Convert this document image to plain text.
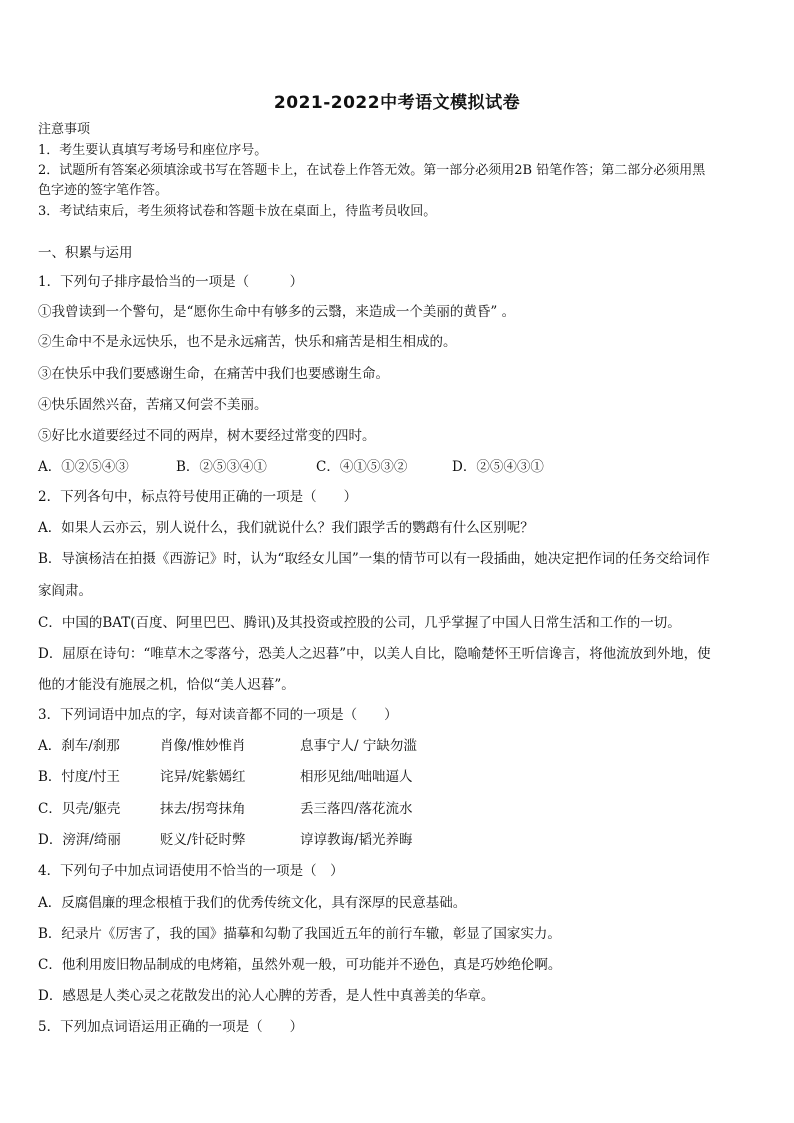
2021-2022中考语文模拟试卷
注意事项
1．考生要认真填写考场号和座位序号。
2．试题所有答案必须填涂或书写在答题卡上，在试卷上作答无效。第一部分必须用2B 铅笔作答；第二部分必须用黑
色字迹的签字笔作答。
3．考试结束后，考生须将试卷和答题卡放在桌面上，待监考员收回。
一、积累与运用
1．下列句子排序最恰当的一项是（　　　）
①我曾读到一个警句，是“愿你生命中有够多的云翳，来造成一个美丽的黄昏” 。
②生命中不是永远快乐，也不是永远痛苦，快乐和痛苦是相生相成的。
③在快乐中我们要感谢生命，在痛苦中我们也要感谢生命。
④快乐固然兴奋，苦痛又何尝不美丽。
⑤好比水道要经过不同的两岸，树木要经过常变的四时。
A．①②⑤④③	B．②⑤③④①	C．④①⑤③②	D．②⑤④③①
2．下列各句中，标点符号使用正确的一项是（　　）
A．如果人云亦云，别人说什么，我们就说什么？我们跟学舌的鹦鹉有什么区别呢？
B．导演杨洁在拍摄《西游记》时，认为“取经女儿国”一集的情节可以有一段插曲，她决定把作词的任务交给词作
家阎肃。
C．中国的BAT(百度、阿里巴巴、腾讯)及其投资或控股的公司，几乎掌握了中国人日常生活和工作的一切。
D．屈原在诗句：“唯草木之零落兮，恐美人之迟暮”中，以美人自比，隐喻楚怀王听信谗言，将他流放到外地，使
他的才能没有施展之机，恰似“美人迟暮”。
3．下列词语中加点的字，每对读音都不同的一项是（　　）
A．刹车/刹那	肖像/惟妙惟肖	息事宁人/ 宁缺勿滥
B．忖度/忖王	诧异/姹紫嫣红	相形见绌/咄咄逼人
C．贝壳/躯壳	抹去/拐弯抹角	丢三落四/落花流水
D．滂湃/绮丽	贬义/针砭时弊	谆谆教诲/韬光养晦
4．下列句子中加点词语使用不恰当的一项是（　）
A．反腐倡廉的理念根植于我们的优秀传统文化，具有深厚的民意基础。
B．纪录片《厉害了，我的国》描摹和勾勒了我国近五年的前行车辙，彰显了国家实力。
C．他利用废旧物品制成的电烤箱，虽然外观一般，可功能并不逊色，真是巧妙绝伦啊。
D．感恩是人类心灵之花散发出的沁人心脾的芳香，是人性中真善美的华章。
5．下列加点词语运用正确的一项是（　　）
